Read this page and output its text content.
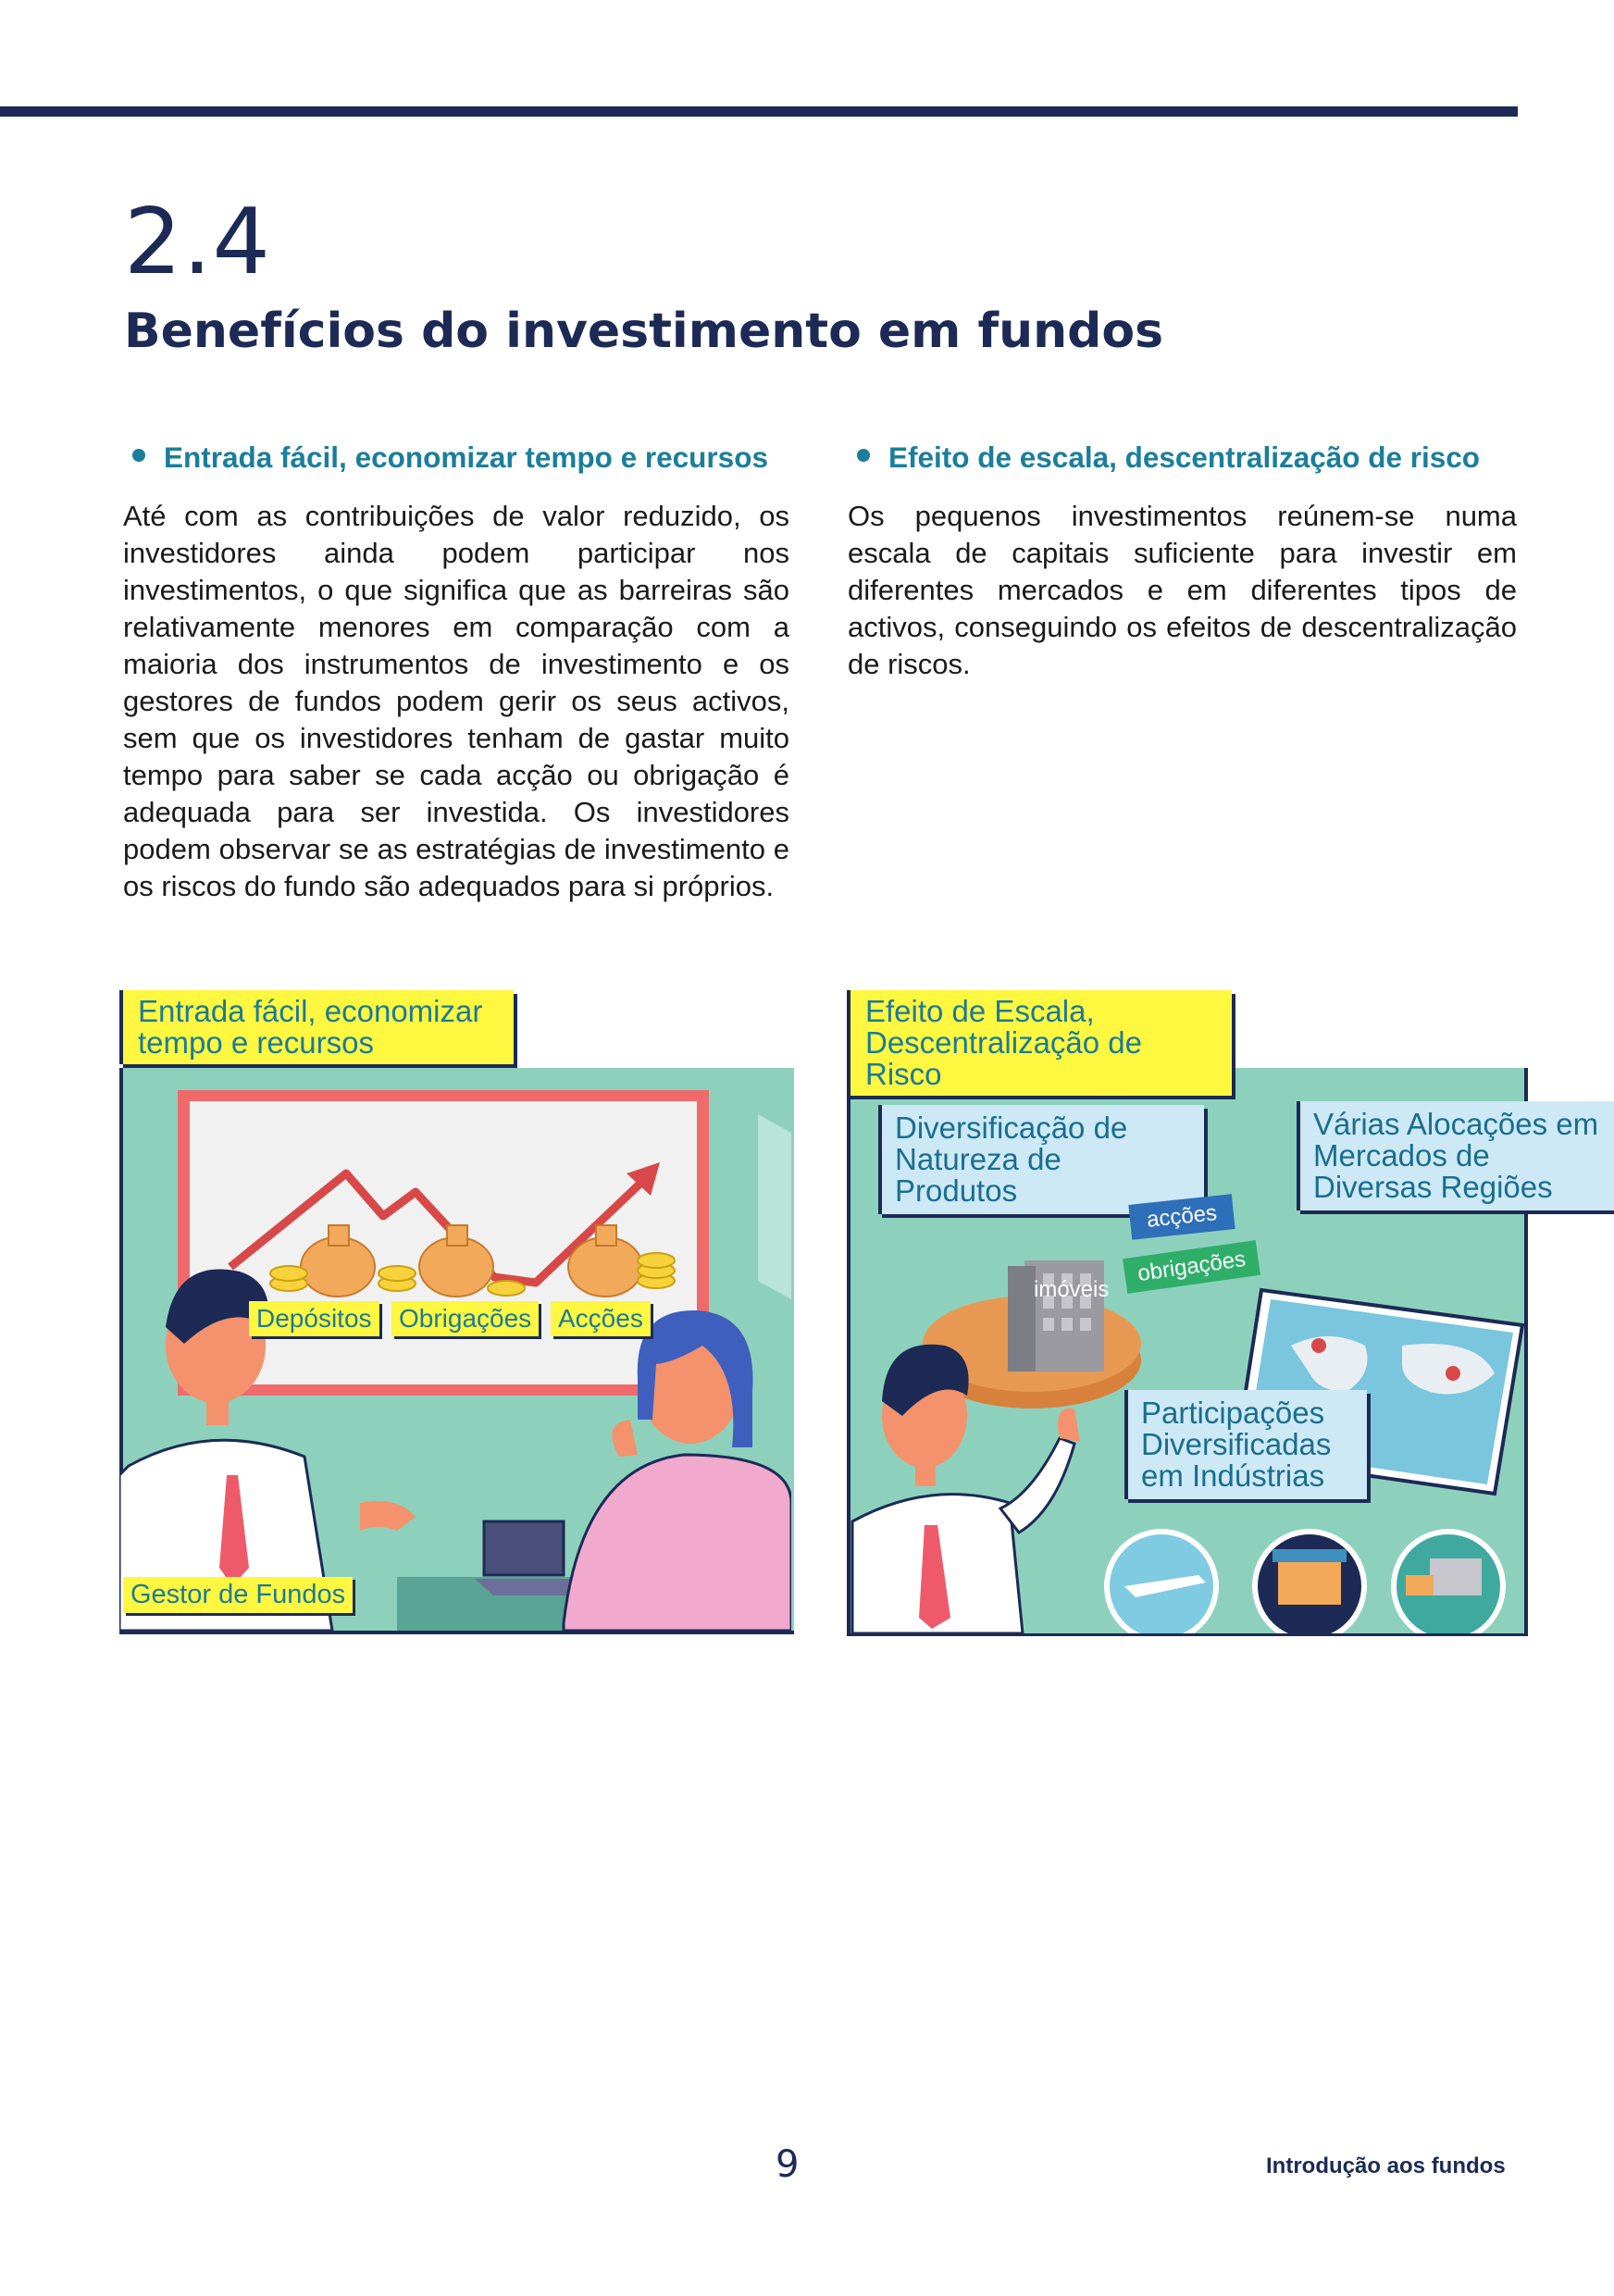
2.4
Benefícios do investimento em fundos
Entrada fácil, economizar tempo e recursos	Efeito de escala, descentralização de risco
Até com as contribuições de valor reduzido, os investidores ainda podem participar nos investimentos, o que significa que as barreiras são relativamente menores em comparação com a maioria dos instrumentos de investimento e os gestores de fundos podem gerir os seus activos, sem que os investidores tenham de gastar muito tempo para saber se cada acção ou obrigação é adequada para ser investida. Os investidores podem observar se as estratégias de investimento e os riscos do fundo são adequados para si próprios.
Os pequenos investimentos reúnem-se numa escala de capitais suficiente para investir em diferentes mercados e em diferentes tipos de activos, conseguindo os efeitos de descentralização de riscos.
Entrada fácil, economizar
tempo e recursos
Depósitos Obrigações Acções
Gestor de Fundos
Efeito de Escala,
Descentralização de Risco
Diversificação de
Natureza de Produtos
Várias Alocações em
Mercados de
Diversas Regiões
Participações
Diversificadas
em Indústrias
acções
obrigações
imóveis
9	Introdução aos fundos
